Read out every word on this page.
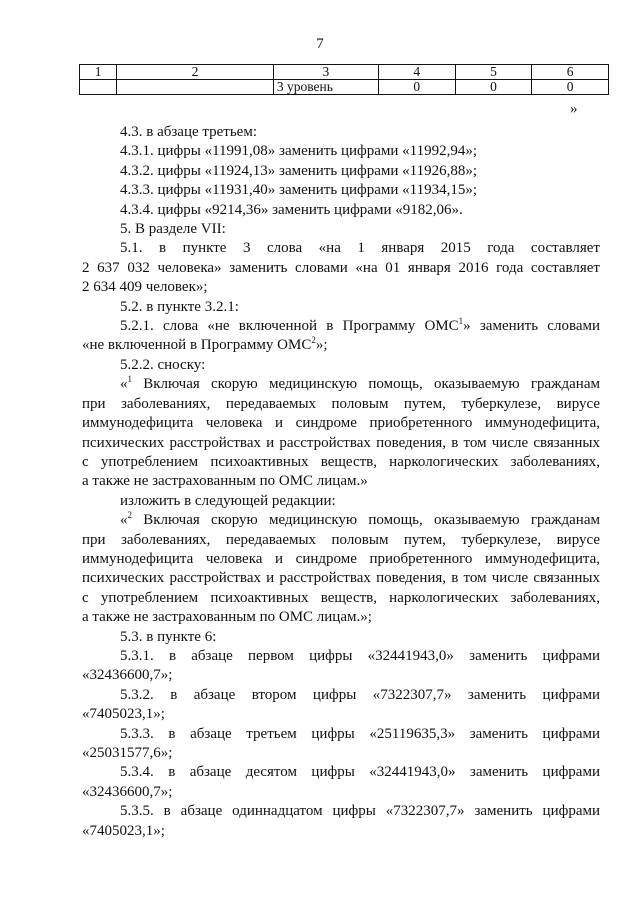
7
1	2	3	4	5	6
		3 уровень	0	0	0
»

4.3. в абзаце третьем:

4.3.1. цифры «11991,08» заменить цифрами «11992,94»;

4.3.2. цифры «11924,13» заменить цифрами «11926,88»;

4.3.3. цифры «11931,40» заменить цифрами «11934,15»;

4.3.4. цифры «9214,36» заменить цифрами «9182,06».

5. В разделе VII:

5.1. в пункте 3 слова «на 1 января 2015 года составляет
2 637 032 человека» заменить словами «на 01 января 2016 года составляет
2 634 409 человек»;

5.2. в пункте 3.2.1:

5.2.1. слова «не включенной в Программу ОМС$^1$» заменить словами
«не включенной в Программу ОМС$^2$»;

5.2.2. сноску:

«$^1$ Включая скорую медицинскую помощь, оказываемую гражданам
при заболеваниях, передаваемых половым путем, туберкулезе, вирусе
иммунодефицита человека и синдроме приобретенного иммунодефицита,
психических расстройствах и расстройствах поведения, в том числе связанных
с употреблением психоактивных веществ, наркологических заболеваниях,
а также не застрахованным по ОМС лицам.»

изложить в следующей редакции:

«$^2$ Включая скорую медицинскую помощь, оказываемую гражданам
при заболеваниях, передаваемых половым путем, туберкулезе, вирусе
иммунодефицита человека и синдроме приобретенного иммунодефицита,
психических расстройствах и расстройствах поведения, в том числе связанных
с употреблением психоактивных веществ, наркологических заболеваниях,
а также не застрахованным по ОМС лицам.»;

5.3. в пункте 6:

5.3.1. в абзаце первом цифры «32441943,0» заменить цифрами
«32436600,7»;
5.3.2. в абзаце втором цифры «7322307,7» заменить цифрами
«7405023,1»;
5.3.3. в абзаце третьем цифры «25119635,3» заменить цифрами
«25031577,6»;
5.3.4. в абзаце десятом цифры «32441943,0» заменить цифрами
«32436600,7»;
5.3.5. в абзаце одиннадцатом цифры «7322307,7» заменить цифрами
«7405023,1»;
